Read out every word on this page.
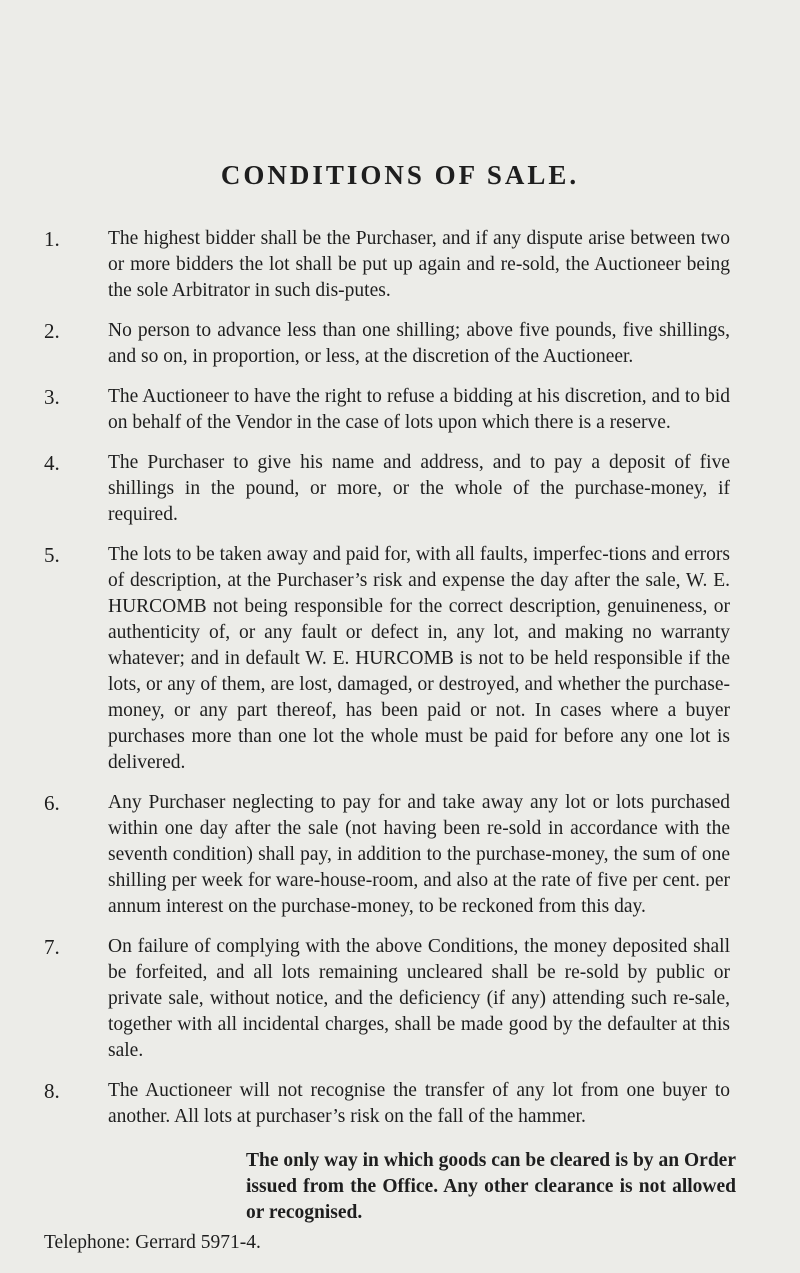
CONDITIONS OF SALE.
1.	The highest bidder shall be the Purchaser, and if any dispute arise between two or more bidders the lot shall be put up again and re-sold, the Auctioneer being the sole Arbitrator in such dis-putes.
2.	No person to advance less than one shilling; above five pounds, five shillings, and so on, in proportion, or less, at the discretion of the Auctioneer.
3.	The Auctioneer to have the right to refuse a bidding at his discretion, and to bid on behalf of the Vendor in the case of lots upon which there is a reserve.
4.	The Purchaser to give his name and address, and to pay a deposit of five shillings in the pound, or more, or the whole of the purchase-money, if required.
5.	The lots to be taken away and paid for, with all faults, imperfec-tions and errors of description, at the Purchaser’s risk and expense the day after the sale, W. E. HURCOMB not being responsible for the correct description, genuineness, or authenticity of, or any fault or defect in, any lot, and making no warranty whatever; and in default W. E. HURCOMB is not to be held responsible if the lots, or any of them, are lost, damaged, or destroyed, and whether the purchase-money, or any part thereof, has been paid or not. In cases where a buyer purchases more than one lot the whole must be paid for before any one lot is delivered.
6.	Any Purchaser neglecting to pay for and take away any lot or lots purchased within one day after the sale (not having been re-sold in accordance with the seventh condition) shall pay, in addition to the purchase-money, the sum of one shilling per week for ware-house-room, and also at the rate of five per cent. per annum interest on the purchase-money, to be reckoned from this day.
7.	On failure of complying with the above Conditions, the money deposited shall be forfeited, and all lots remaining uncleared shall be re-sold by public or private sale, without notice, and the deficiency (if any) attending such re-sale, together with all incidental charges, shall be made good by the defaulter at this sale.
8.	The Auctioneer will not recognise the transfer of any lot from one buyer to another. All lots at purchaser’s risk on the fall of the hammer.

The only way in which goods can be cleared is by an Order issued from the Office. Any other clearance is not allowed or recognised.

Telephone: Gerrard 5971-4.
